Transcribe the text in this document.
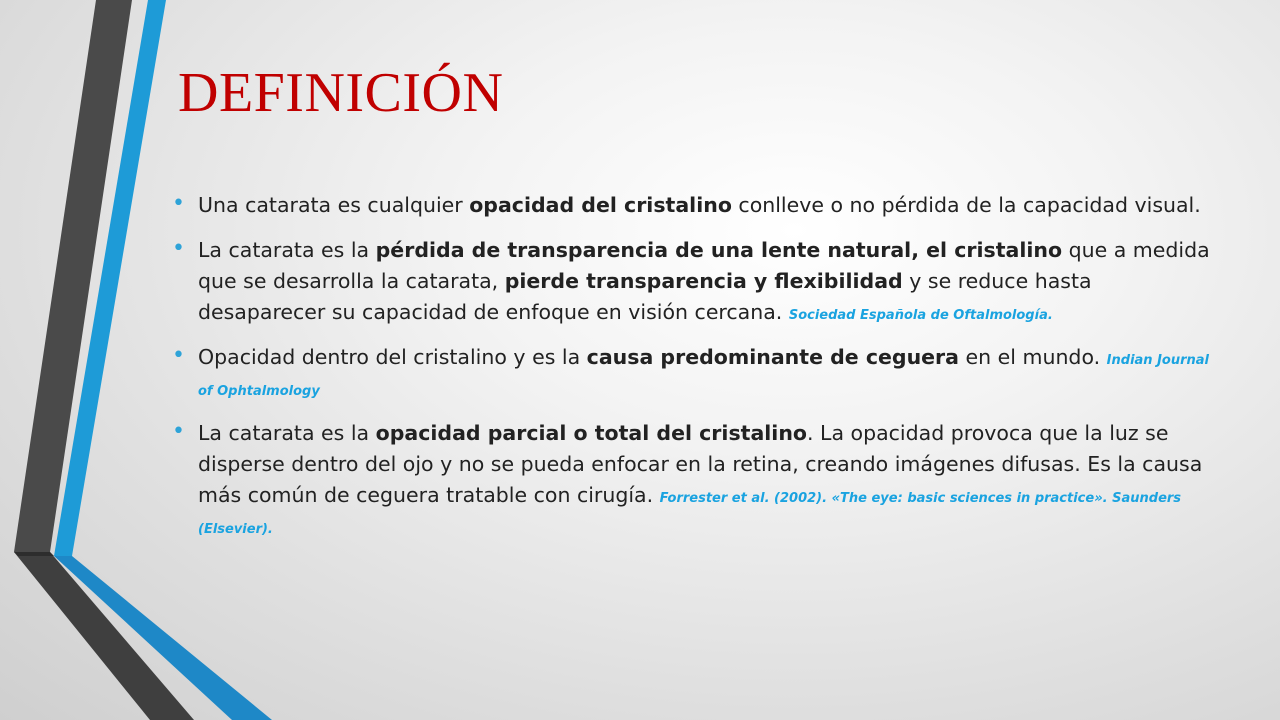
DEFINICIÓN
• Una catarata es cualquier opacidad del cristalino conlleve o no pérdida de la capacidad visual.
• La catarata es la pérdida de transparencia de una lente natural, el cristalino que a medida que se desarrolla la catarata, pierde transparencia y flexibilidad y se reduce hasta desaparecer su capacidad de enfoque en visión cercana. Sociedad Española de Oftalmología.
• Opacidad dentro del cristalino y es la causa predominante de ceguera en el mundo. Indian Journal of Ophtalmology
• La catarata es la opacidad parcial o total del cristalino. La opacidad provoca que la luz se disperse dentro del ojo y no se pueda enfocar en la retina, creando imágenes difusas. Es la causa más común de ceguera tratable con cirugía. Forrester et al. (2002). «The eye: basic sciences in practice». Saunders (Elsevier).
